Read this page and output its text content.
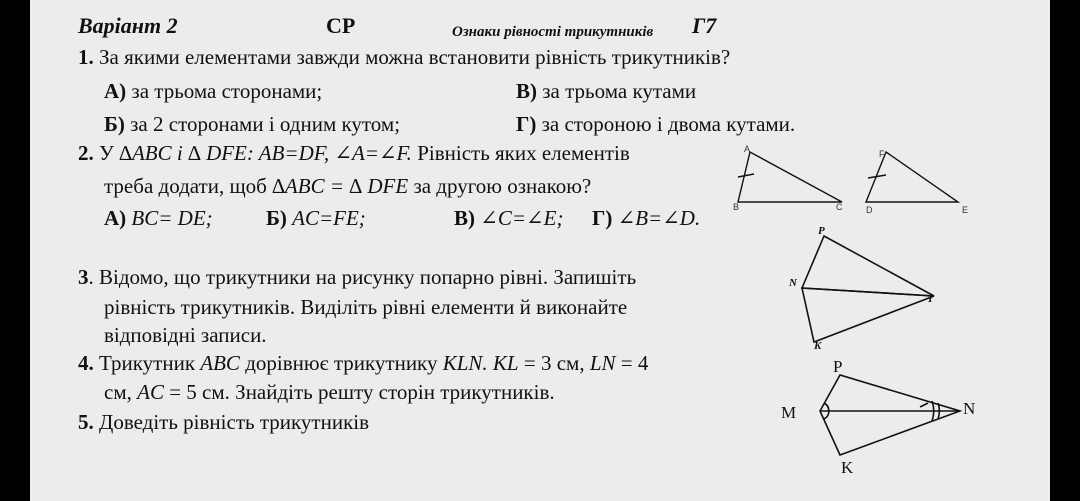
Варіант 2	СР	Ознаки рівності трикутників Г7
1. За якими елементами завжди можна встановити рівність трикутників?
А) за трьома сторонами;	В) за трьома кутами
Б) за 2 сторонами і одним кутом;	Г) за стороною і двома кутами.
2. У ∆ABC і ∆ DFE: AB=DF, ∠A=∠F. Рівність яких елементів
треба додати, щоб ∆ABC = ∆ DFE за другою ознакою?
А) BC= DE;	Б) AC=FE;	В) ∠C=∠E; Г) ∠B=∠D.
A
B	C	D
F
E
3. Відомо, що трикутники на рисунку попарно рівні. Запишіть
рівність трикутників. Виділіть рівні елементи й виконайте
відповідні записи.
P
N
T
K
4. Трикутник ABC дорівнює трикутнику KLN. KL = 3 см, LN = 4
см, AC = 5 см. Знайдіть решту сторін трикутників.
5. Доведіть рівність трикутників
P
M	N
K
